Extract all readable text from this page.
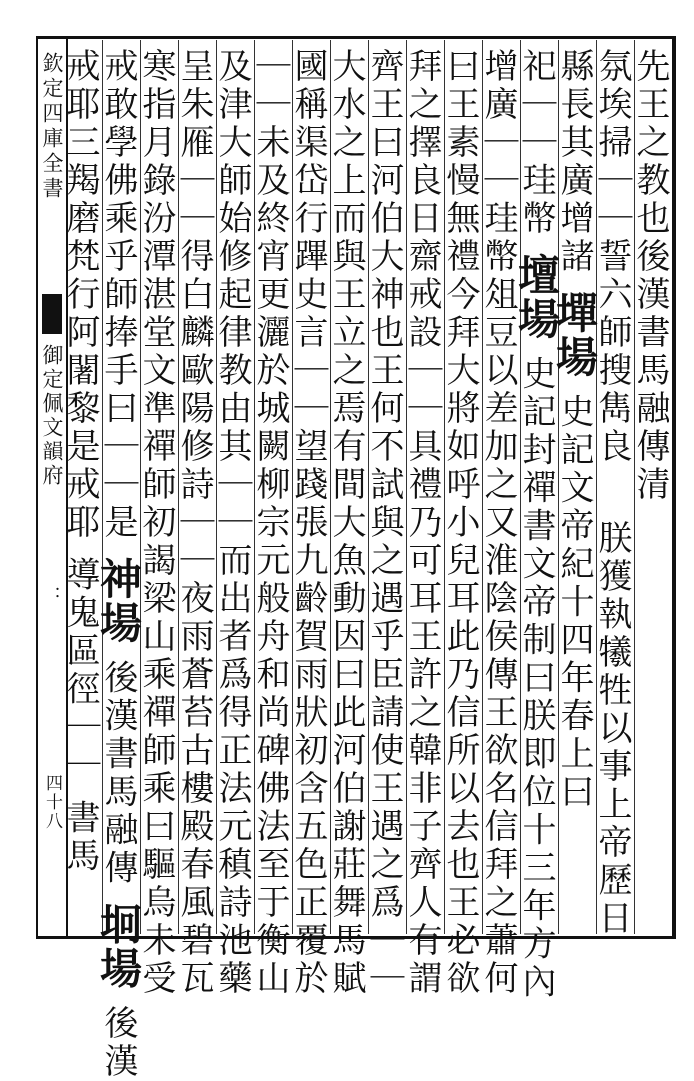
欽定四庫全書
御定佩文韻府
：
四十八
先王之教也後漢書馬融傳清
氛埃掃｜｜誓六師搜雋良
縣長其廣增諸 墠場 史記文帝紀十四年春上曰
祀｜｜珪幣 壇場 史記封禪書文帝制曰朕即位十三年方內
增廣｜｜珪幣俎豆以差加之又淮陰侯傳王欲名信拜之蕭何
曰王素慢無禮今拜大將如呼小兒耳此乃信所以去也王必欲
拜之擇良日齋戒設｜｜具禮乃可耳王許之韓非子齊人有謂
齊王曰河伯大神也王何不試與之遇乎臣請使王遇之爲｜｜
大水之上而與王立之焉有間大魚動因曰此河伯謝莊舞馬賦
國稱渠岱行蹕史言｜｜望踐張九齡賀雨狀初含五色正覆於
｜｜未及終宵更灑於城闕柳宗元般舟和尚碑佛法至于衡山
及津大師始修起律教由其｜｜而出者爲得正法元稹詩池藥
呈朱雁｜｜得白麟歐陽修詩｜｜夜雨蒼苔古樓殿春風碧瓦
寒指月錄汾潭湛堂文準禪師初謁梁山乘禪師乘曰驅烏未受
戒敢學佛乘乎師捧手曰｜｜是 神場 後漢書馬融傳 坰場 後漢
戒耶三羯磨梵行阿闍黎是戒耶 導鬼區徑｜｜ 書馬	朕獲執犧牲以事上帝歷日
